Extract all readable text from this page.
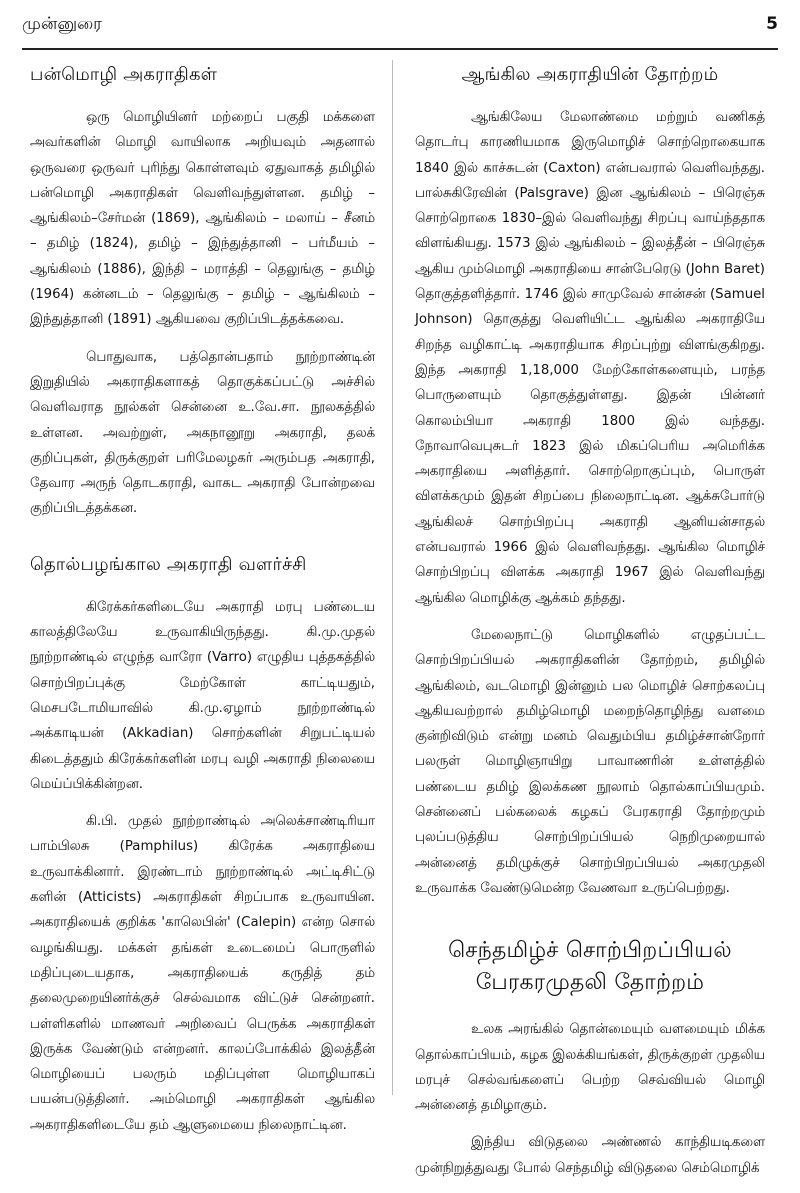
முன்னுரை	5
பன்மொழி அகராதிகள்

ஒரு மொழியினர் மற்றைப் பகுதி மக்களை அவர்களின் மொழி வாயிலாக அறியவும் அதனால் ஒருவரை ஒருவர் புரிந்து கொள்ளவும் ஏதுவாகத் தமிழில் பன்மொழி அகராதிகள் வெளிவந்துள்ளன. தமிழ் – ஆங்கிலம்–சேர்மன் (1869), ஆங்கிலம் – மலாய் – சீனம் – தமிழ் (1824), தமிழ் – இந்துத்தானி – பர்மீயம் – ஆங்கிலம் (1886), இந்தி – மராத்தி – தெலுங்கு – தமிழ் (1964) கன்னடம் – தெலுங்கு – தமிழ் – ஆங்கிலம் – இந்துத்தானி (1891) ஆகியவை குறிப்பிடத்தக்கவை.

பொதுவாக, பத்தொன்பதாம் நூற்றாண்டின் இறுதியில் அகராதிகளாகத் தொகுக்கப்பட்டு அச்சில் வெளிவராத நூல்கள் சென்னை உ.வே.சா. நூலகத்தில் உள்ளன. அவற்றுள், அகநானூறு அகராதி, தலக் குறிப்புகள், திருக்குறள் பரிமேலழகர் அரும்பத அகராதி, தேவார அருந் தொடகராதி, வாகட அகராதி போன்றவை குறிப்பிடத்தக்கன.

தொல்பழங்கால அகராதி வளர்ச்சி

கிரேக்கர்களிடையே அகராதி மரபு பண்டைய காலத்திலேயே உருவாகியிருந்தது. கி.மு.முதல் நூற்றாண்டில் எழுந்த வாரோ (Varro) எழுதிய புத்தகத்தில் சொற்பிறப்புக்கு மேற்கோள் காட்டியதும், மெசபடோமியாவில் கி.மு.ஏழாம் நூற்றாண்டில் அக்காடியன் (Akkadian) சொற்களின் சிறுபட்டியல் கிடைத்ததும் கிரேக்கர்களின் மரபு வழி அகராதி நிலையை மெய்ப்பிக்கின்றன.

கி.பி. முதல் நூற்றாண்டில் அலெக்சாண்டிரியா பாம்பிலசு (Pamphilus) கிரேக்க அகராதியை உருவாக்கினார். இரண்டாம் நூற்றாண்டில் அட்டிசிட்டு களின் (Atticists) அகராதிகள் சிறப்பாக உருவாயின. அகராதியைக் குறிக்க 'காலெபின்' (Calepin) என்ற சொல் வழங்கியது. மக்கள் தங்கள் உடைமைப் பொருளில் மதிப்புடையதாக, அகராதியைக் கருதித் தம் தலைமுறையினர்க்குச் செல்வமாக விட்டுச் சென்றனர். பள்ளிகளில் மாணவர் அறிவைப் பெருக்க அகராதிகள் இருக்க வேண்டும் என்றனர். காலப்போக்கில் இலத்தீன் மொழியைப் பலரும் மதிப்புள்ள மொழியாகப் பயன்படுத்தினர். அம்மொழி அகராதிகள் ஆங்கில அகராதிகளிடையே தம் ஆளுமையை நிலைநாட்டின.

ஆங்கில அகராதியின் தோற்றம்

ஆங்கிலேய மேலாண்மை மற்றும் வணிகத் தொடர்பு காரணியமாக இருமொழிச் சொற்றொகையாக 1840 இல் காச்சுடன் (Caxton) என்பவரால் வெளிவந்தது. பால்சுகிரேவின் (Palsgrave) இன ஆங்கிலம் – பிரெஞ்சு சொற்றொகை 1830–இல் வெளிவந்து சிறப்பு வாய்ந்ததாக விளங்கியது. 1573 இல் ஆங்கிலம் – இலத்தீன் – பிரெஞ்சு ஆகிய மும்மொழி அகராதியை சான்பேரெடு (John Baret) தொகுத்தளித்தார். 1746 இல் சாமுவேல் சான்சன் (Samuel Johnson) தொகுத்து வெளியிட்ட ஆங்கில அகராதியே சிறந்த வழிகாட்டி அகராதியாக சிறப்புற்று விளங்குகிறது. இந்த அகராதி 1,18,000 மேற்கோள்களையும், பரந்த பொருளையும் தொகுத்துள்ளது. இதன் பின்னர் கொலம்பியா அகராதி 1800 இல் வந்தது. நோவாவெபுசுடர் 1823 இல் மிகப்பெரிய அமெரிக்க அகராதியை அளித்தார். சொற்றொகுப்பும், பொருள் விளக்கமும் இதன் சிறப்பை நிலைநாட்டின. ஆக்சுபோர்டு ஆங்கிலச் சொற்பிறப்பு அகராதி ஆனியன்சாதல் என்பவரால் 1966 இல் வெளிவந்தது. ஆங்கில மொழிச் சொற்பிறப்பு விளக்க அகராதி 1967 இல் வெளிவந்து ஆங்கில மொழிக்கு ஆக்கம் தந்தது.

மேலைநாட்டு மொழிகளில் எழுதப்பட்ட சொற்பிறப்பியல் அகராதிகளின் தோற்றம், தமிழில் ஆங்கிலம், வடமொழி இன்னும் பல மொழிச் சொற்கலப்பு ஆகியவற்றால் தமிழ்மொழி மறைந்தொழிந்து வளமை குன்றிவிடும் என்று மனம் வெதும்பிய தமிழ்ச்சான்றோர் பலருள் மொழிஞாயிறு பாவாணரின் உள்ளத்தில் பண்டைய தமிழ் இலக்கண நூலாம் தொல்காப்பியமும். சென்னைப் பல்கலைக் கழகப் பேரகராதி தோற்றமும் புலப்படுத்திய சொற்பிறப்பியல் நெறிமுறையால் அன்னைத் தமிழுக்குச் சொற்பிறப்பியல் அகரமுதலி உருவாக்க வேண்டுமென்ற வேணவா உருப்பெற்றது.

செந்தமிழ்ச் சொற்பிறப்பியல்
பேரகரமுதலி தோற்றம்

உலக அரங்கில் தொன்மையும் வளமையும் மிக்க தொல்காப்பியம், கழக இலக்கியங்கள், திருக்குறள் முதலிய மரபுச் செல்வங்களைப் பெற்ற செவ்வியல் மொழி அன்னைத் தமிழாகும்.

இந்திய விடுதலை அண்ணல் காந்தியடிகளை முன்நிறுத்துவது போல் செந்தமிழ் விடுதலை செம்மொழிக்
